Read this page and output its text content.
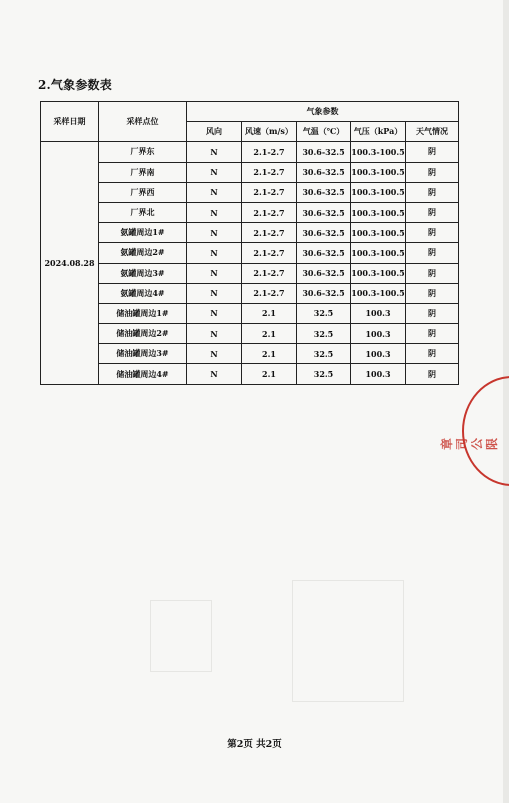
2.气象参数表
采样日期	采样点位	气象参数				
		风向	风速（m/s）	气温（℃）	气压（kPa）	天气情况
2024.08.28	厂界东	N	2.1-2.7	30.6-32.5	100.3-100.5	阴
	厂界南	N	2.1-2.7	30.6-32.5	100.3-100.5	阴
	厂界西	N	2.1-2.7	30.6-32.5	100.3-100.5	阴
	厂界北	N	2.1-2.7	30.6-32.5	100.3-100.5	阴
	氨罐周边1#	N	2.1-2.7	30.6-32.5	100.3-100.5	阴
	氨罐周边2#	N	2.1-2.7	30.6-32.5	100.3-100.5	阴
	氨罐周边3#	N	2.1-2.7	30.6-32.5	100.3-100.5	阴
	氨罐周边4#	N	2.1-2.7	30.6-32.5	100.3-100.5	阴
	储油罐周边1#	N	2.1	32.5	100.3	阴
	储油罐周边2#	N	2.1	32.5	100.3	阴
	储油罐周边3#	N	2.1	32.5	100.3	阴
	储油罐周边4#	N	2.1	32.5	100.3	阴
章 司公限
第2页 共2页
